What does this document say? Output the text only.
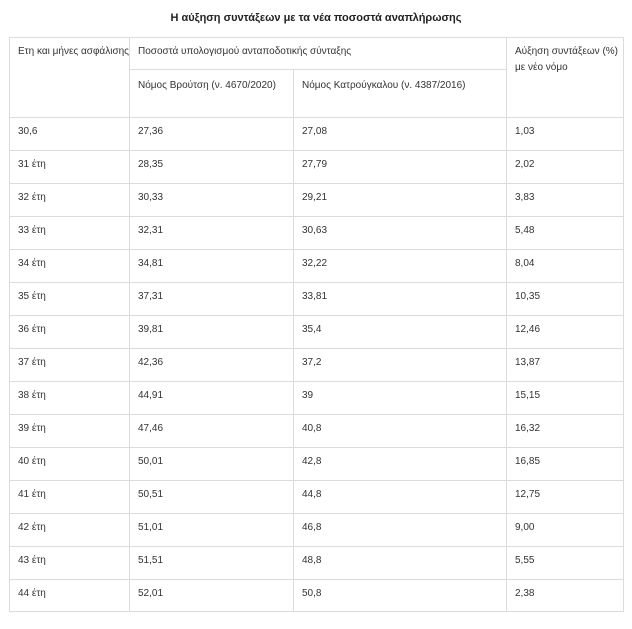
Η αύξηση συντάξεων με τα νέα ποσοστά αναπλήρωσης
Ετη και μήνες ασφάλισης	Ποσοστά υπολογισμού ανταποδοτικής σύνταξης		Αύξηση συντάξεων (%) με νέο νόμο
	Νόμος Βρούτση (ν. 4670/2020)	Νόμος Κατρούγκαλου (ν. 4387/2016)	
30,6	27,36	27,08	1,03
31 έτη	28,35	27,79	2,02
32 έτη	30,33	29,21	3,83
33 έτη	32,31	30,63	5,48
34 έτη	34,81	32,22	8,04
35 έτη	37,31	33,81	10,35
36 έτη	39,81	35,4	12,46
37 έτη	42,36	37,2	13,87
38 έτη	44,91	39	15,15
39 έτη	47,46	40,8	16,32
40 έτη	50,01	42,8	16,85
41 έτη	50,51	44,8	12,75
42 έτη	51,01	46,8	9,00
43 έτη	51,51	48,8	5,55
44 έτη	52,01	50,8	2,38
